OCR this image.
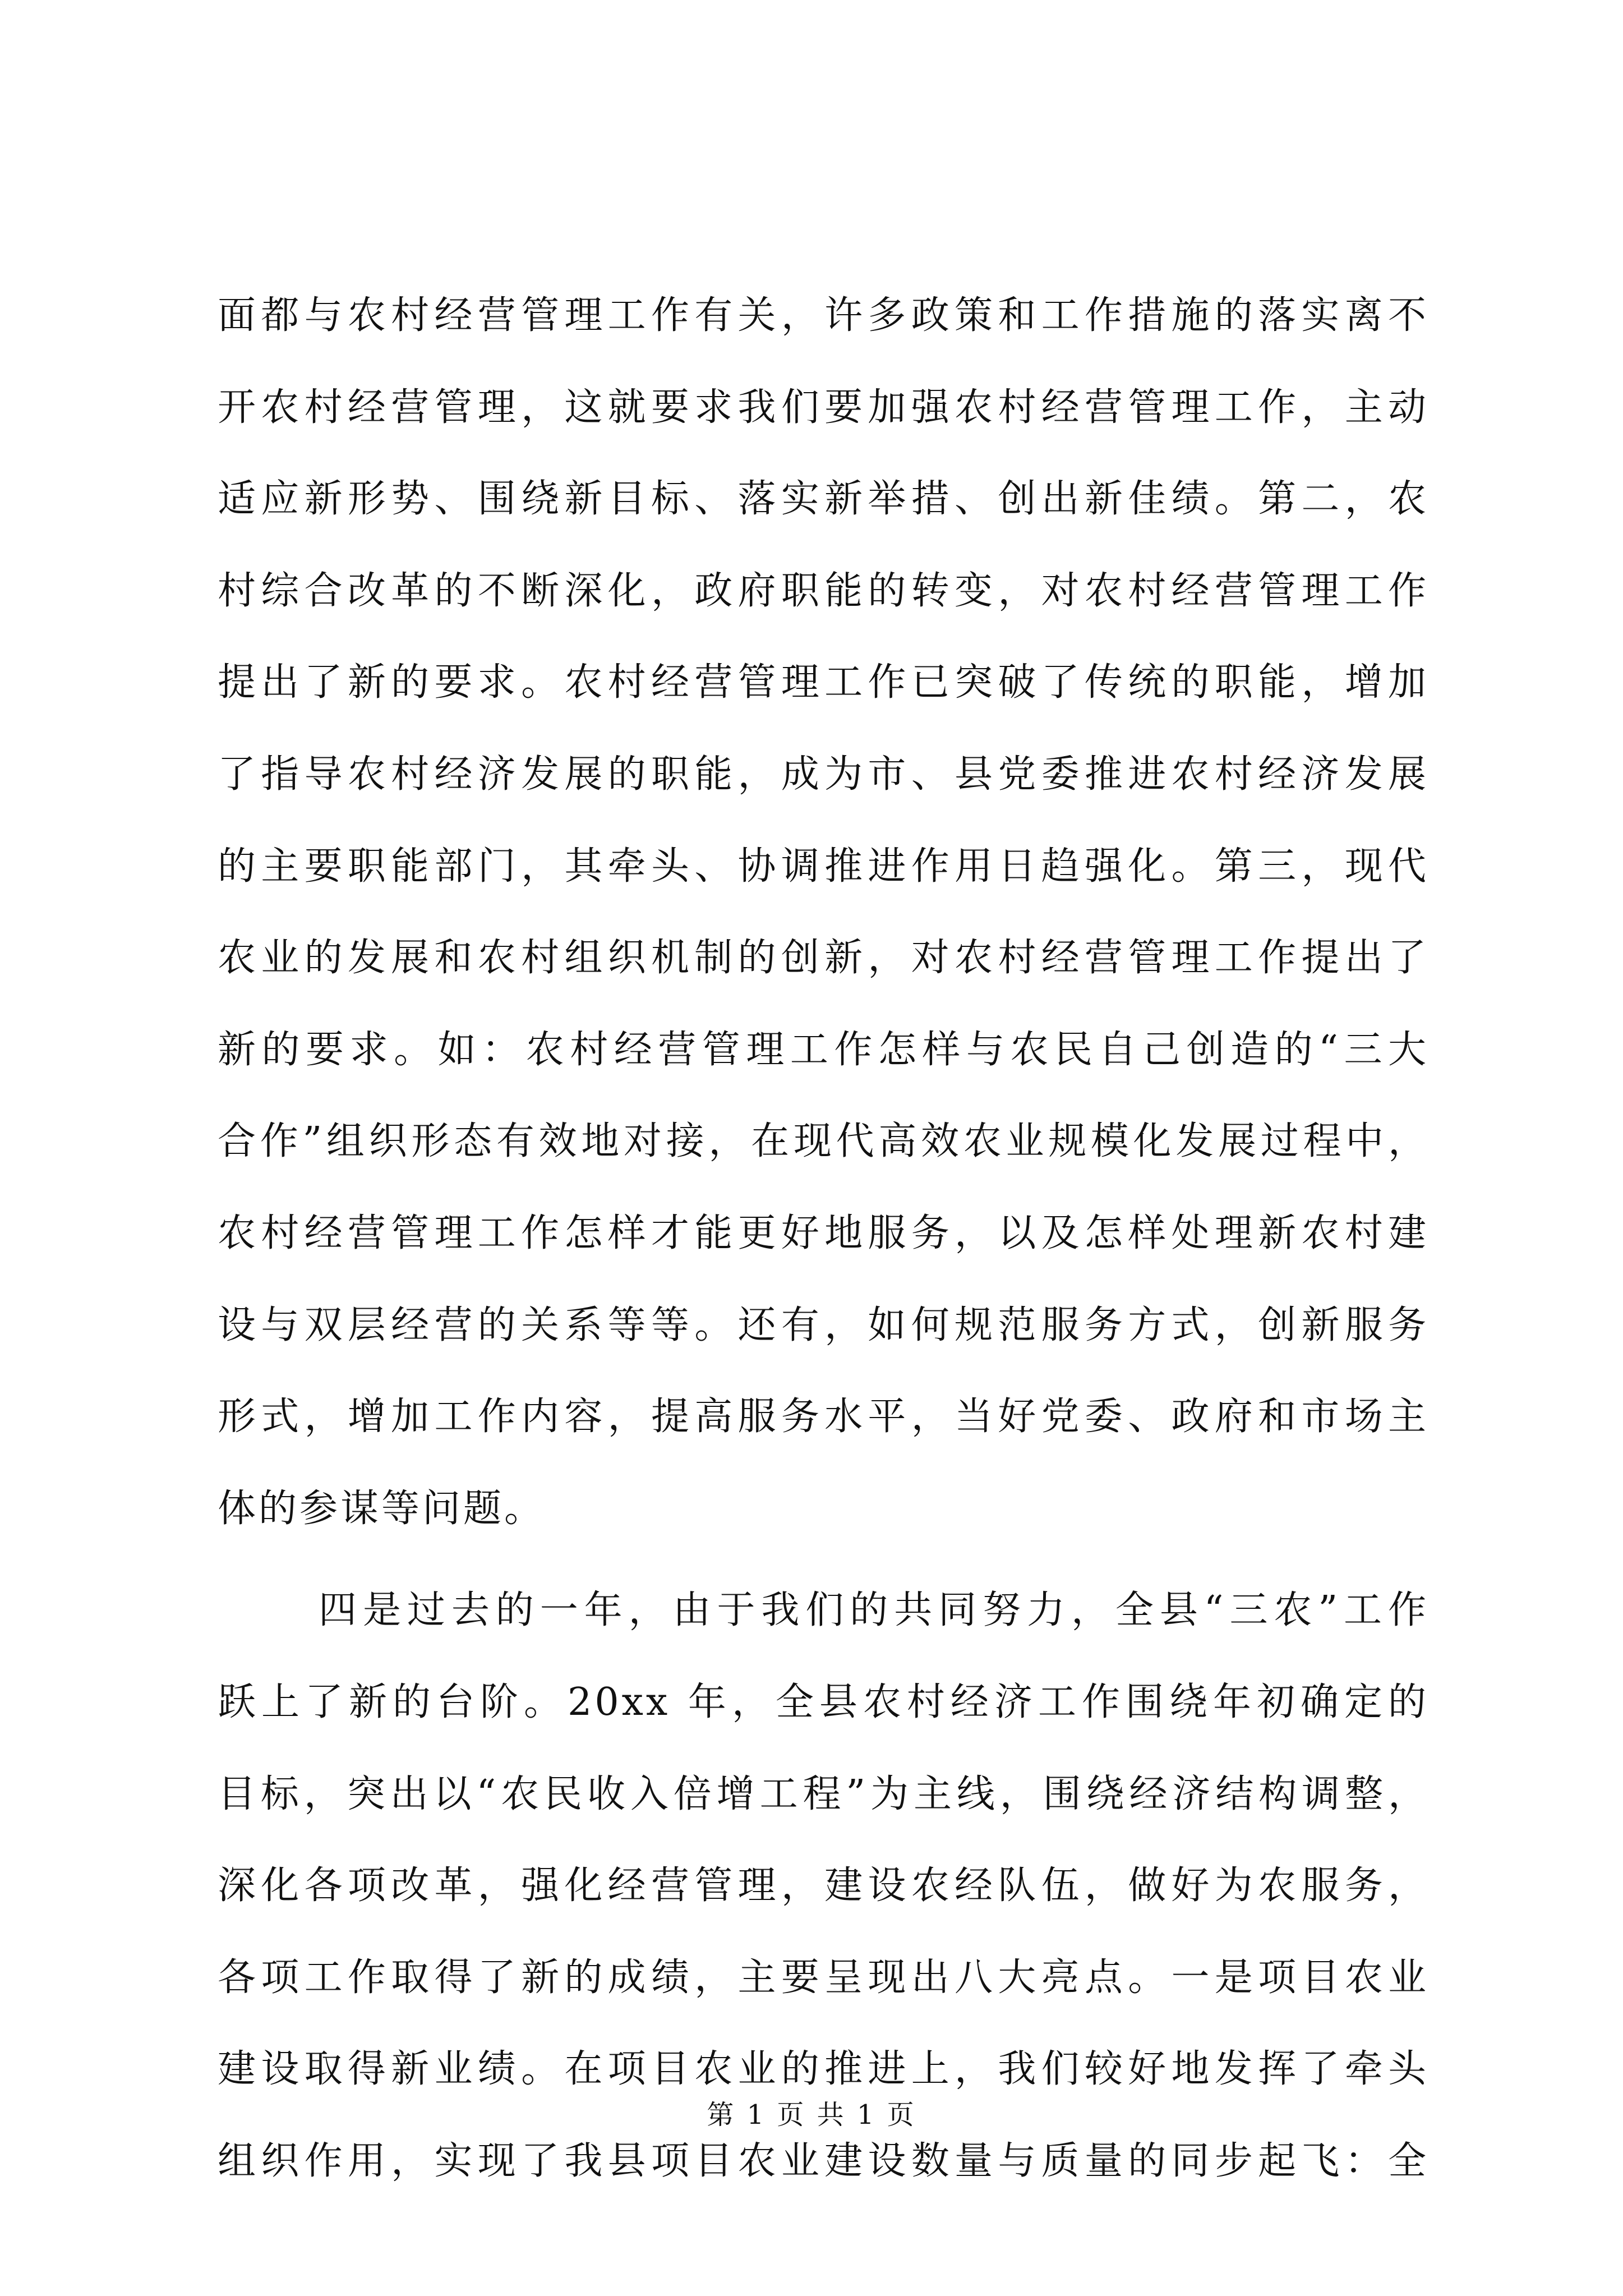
面都与农村经营管理工作有关，许多政策和工作措施的落实离不
开农村经营管理，这就要求我们要加强农村经营管理工作，主动
适应新形势、围绕新目标、落实新举措、创出新佳绩。第二，农
村综合改革的不断深化，政府职能的转变，对农村经营管理工作
提出了新的要求。农村经营管理工作已突破了传统的职能，增加
了指导农村经济发展的职能，成为市、县党委推进农村经济发展
的主要职能部门，其牵头、协调推进作用日趋强化。第三，现代
农业的发展和农村组织机制的创新，对农村经营管理工作提出了
新的要求。如：农村经营管理工作怎样与农民自己创造的“三大
合作”组织形态有效地对接，在现代高效农业规模化发展过程中，
农村经营管理工作怎样才能更好地服务，以及怎样处理新农村建
设与双层经营的关系等等。还有，如何规范服务方式，创新服务
形式，增加工作内容，提高服务水平，当好党委、政府和市场主
体的参谋等问题。
四是过去的一年，由于我们的共同努力，全县“三农”工作
跃上了新的台阶。20xx 年，全县农村经济工作围绕年初确定的
目标，突出以“农民收入倍增工程”为主线，围绕经济结构调整，
深化各项改革，强化经营管理，建设农经队伍，做好为农服务，
各项工作取得了新的成绩，主要呈现出八大亮点。一是项目农业
建设取得新业绩。在项目农业的推进上，我们较好地发挥了牵头
组织作用，实现了我县项目农业建设数量与质量的同步起飞：全
第 1 页 共 1 页
